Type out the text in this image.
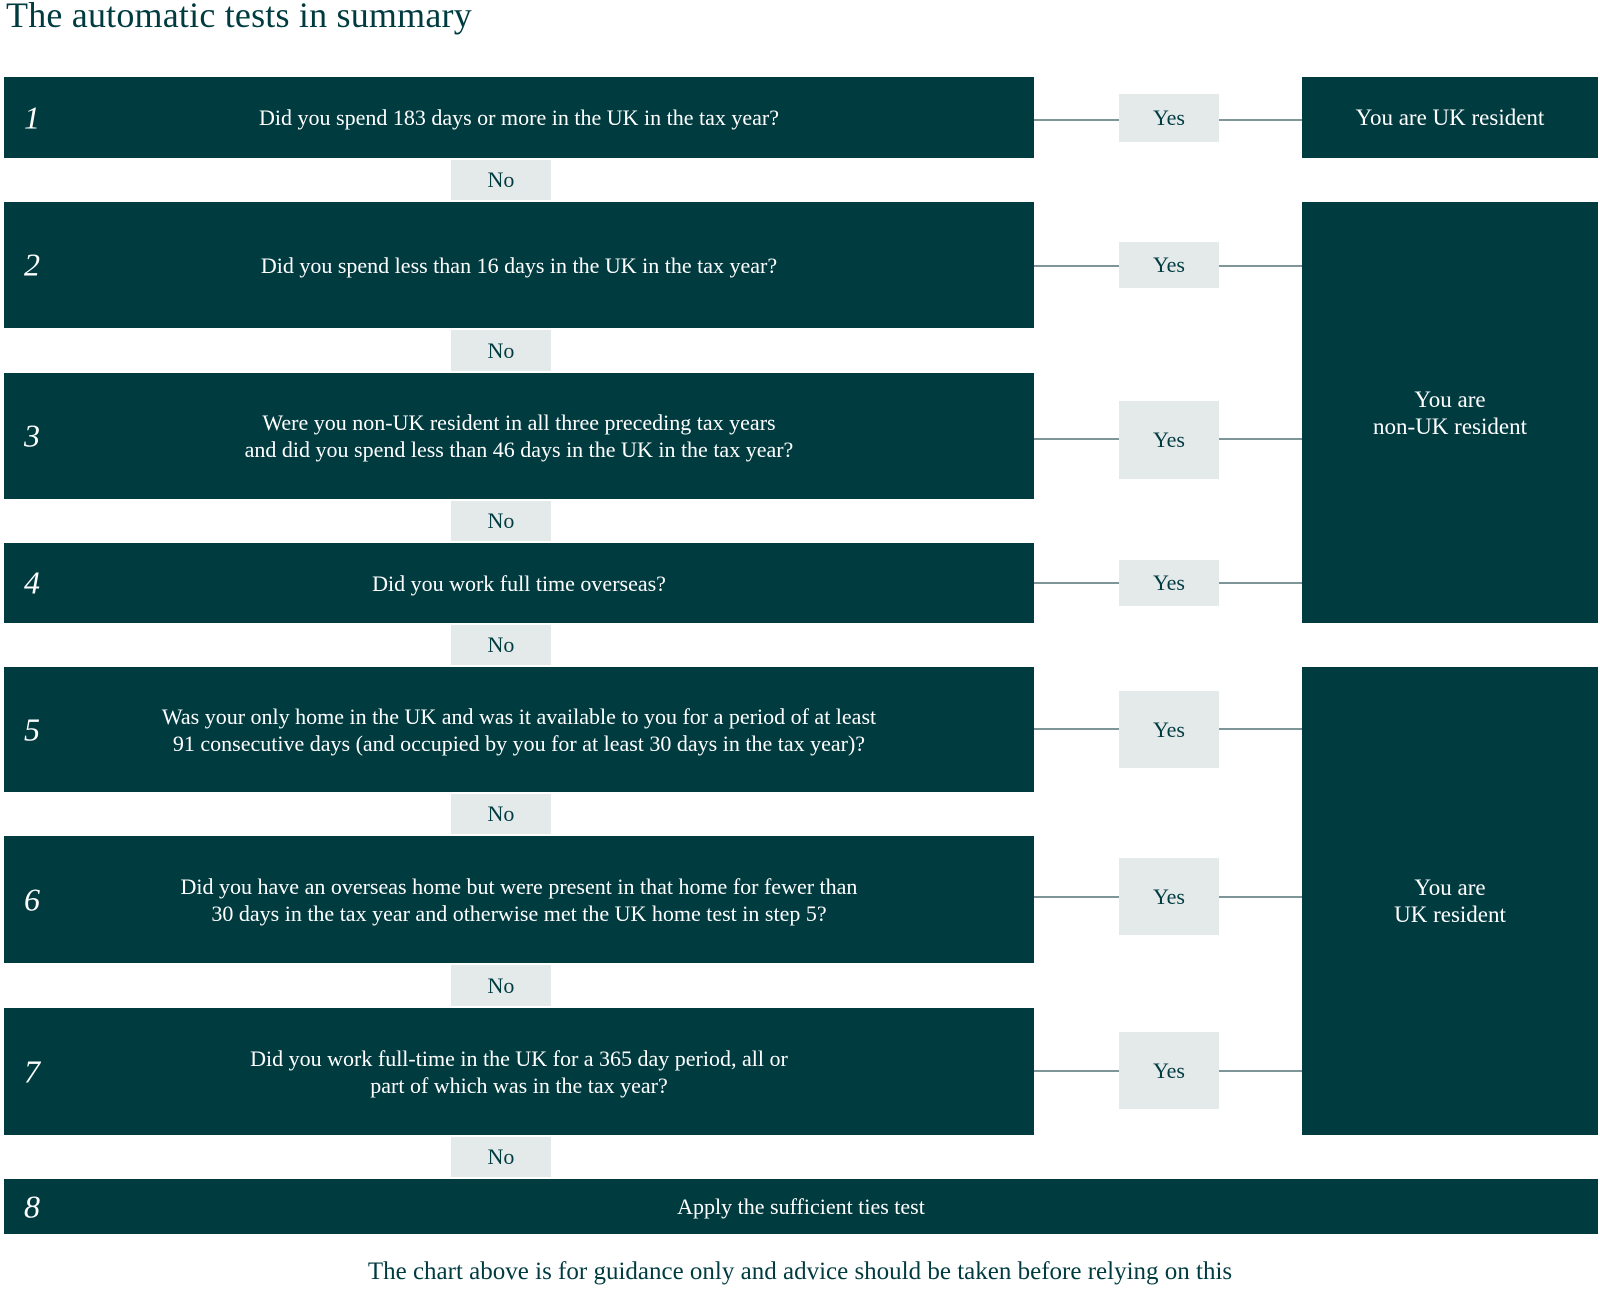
The automatic tests in summary
1	Did you spend 183 days or more in the UK in the tax year?	Yes	You are UK resident
No
2	Did you spend less than 16 days in the UK in the tax year?	Yes
No
3	Were you non-UK resident in all three preceding tax years
and did you spend less than 46 days in the UK in the tax year?	Yes
No
4	Did you work full time overseas?	Yes
You are
non-UK resident
No
5	Was your only home in the UK and was it available to you for a period of at least
91 consecutive days (and occupied by you for at least 30 days in the tax year)?
Yes
No
6	Did you have an overseas home but were present in that home for fewer than
30 days in the tax year and otherwise met the UK home test in step 5?
Yes
No
7	Did you work full-time in the UK for a 365 day period, all or
part of which was in the tax year?
Yes
You are
UK resident
No
8	Apply the sufficient ties test
The chart above is for guidance only and advice should be taken before relying on this
